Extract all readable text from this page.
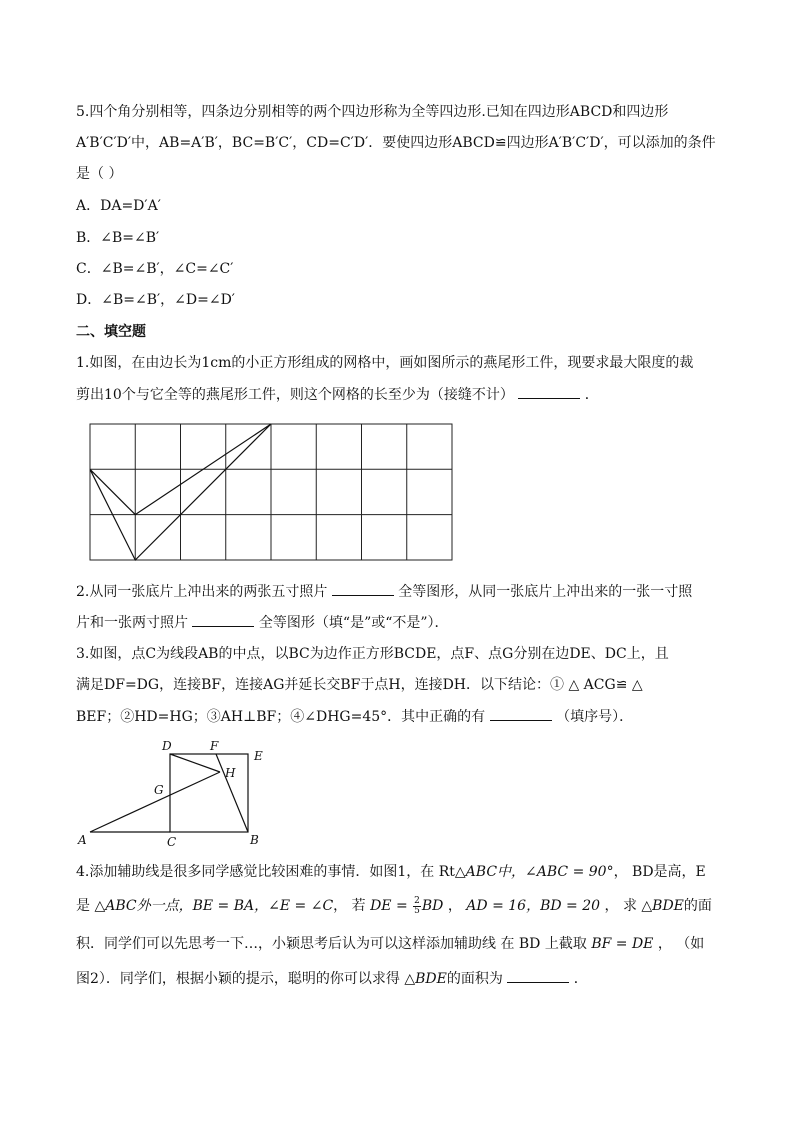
5.四个角分别相等，四条边分别相等的两个四边形称为全等四边形.已知在四边形ABCD和四边形
A′B′C′D′中，AB=A′B′，BC=B′C′，CD=C′D′．要使四边形ABCD≌四边形A′B′C′D′，可以添加的条件
是（ ）
A．DA=D′A′
B．∠B=∠B′
C．∠B=∠B′，∠C=∠C′
D．∠B=∠B′，∠D=∠D′
二、填空题
1.如图，在由边长为1cm的小正方形组成的网格中，画如图所示的燕尾形工件，现要求最大限度的裁
剪出10个与它全等的燕尾形工件，则这个网格的长至少为（接缝不计）	．
2.从同一张底片上冲出来的两张五寸照片	全等图形，从同一张底片上冲出来的一张一寸照
片和一张两寸照片	全等图形（填“是”或“不是”）．
3.如图，点C为线段AB的中点，以BC为边作正方形BCDE，点F、点G分别在边DE、DC上，且
满足DF=DG，连接BF，连接AG并延长交BF于点H，连接DH．以下结论：① △ ACG≌ △
BEF；②HD=HG；③AH⊥BF；④∠DHG=45°．其中正确的有	（填序号）．
D	F
E
H
G
A	C	B
4.添加辅助线是很多同学感觉比较困难的事情．如图1，在 Rt△ABC中，∠ABC = 90°， BD是高，E
是 △ABC外一点，BE = BA，∠E = ∠C， 若 DE = $\frac{2}{5}$ BD ， AD = 16，BD = 20 ， 求 △BDE的面
积．同学们可以先思考一下…，小颖思考后认为可以这样添加辅助线 在 BD 上截取 BF = DE ， （如
图2）．同学们，根据小颖的提示，聪明的你可以求得 △BDE的面积为	．
